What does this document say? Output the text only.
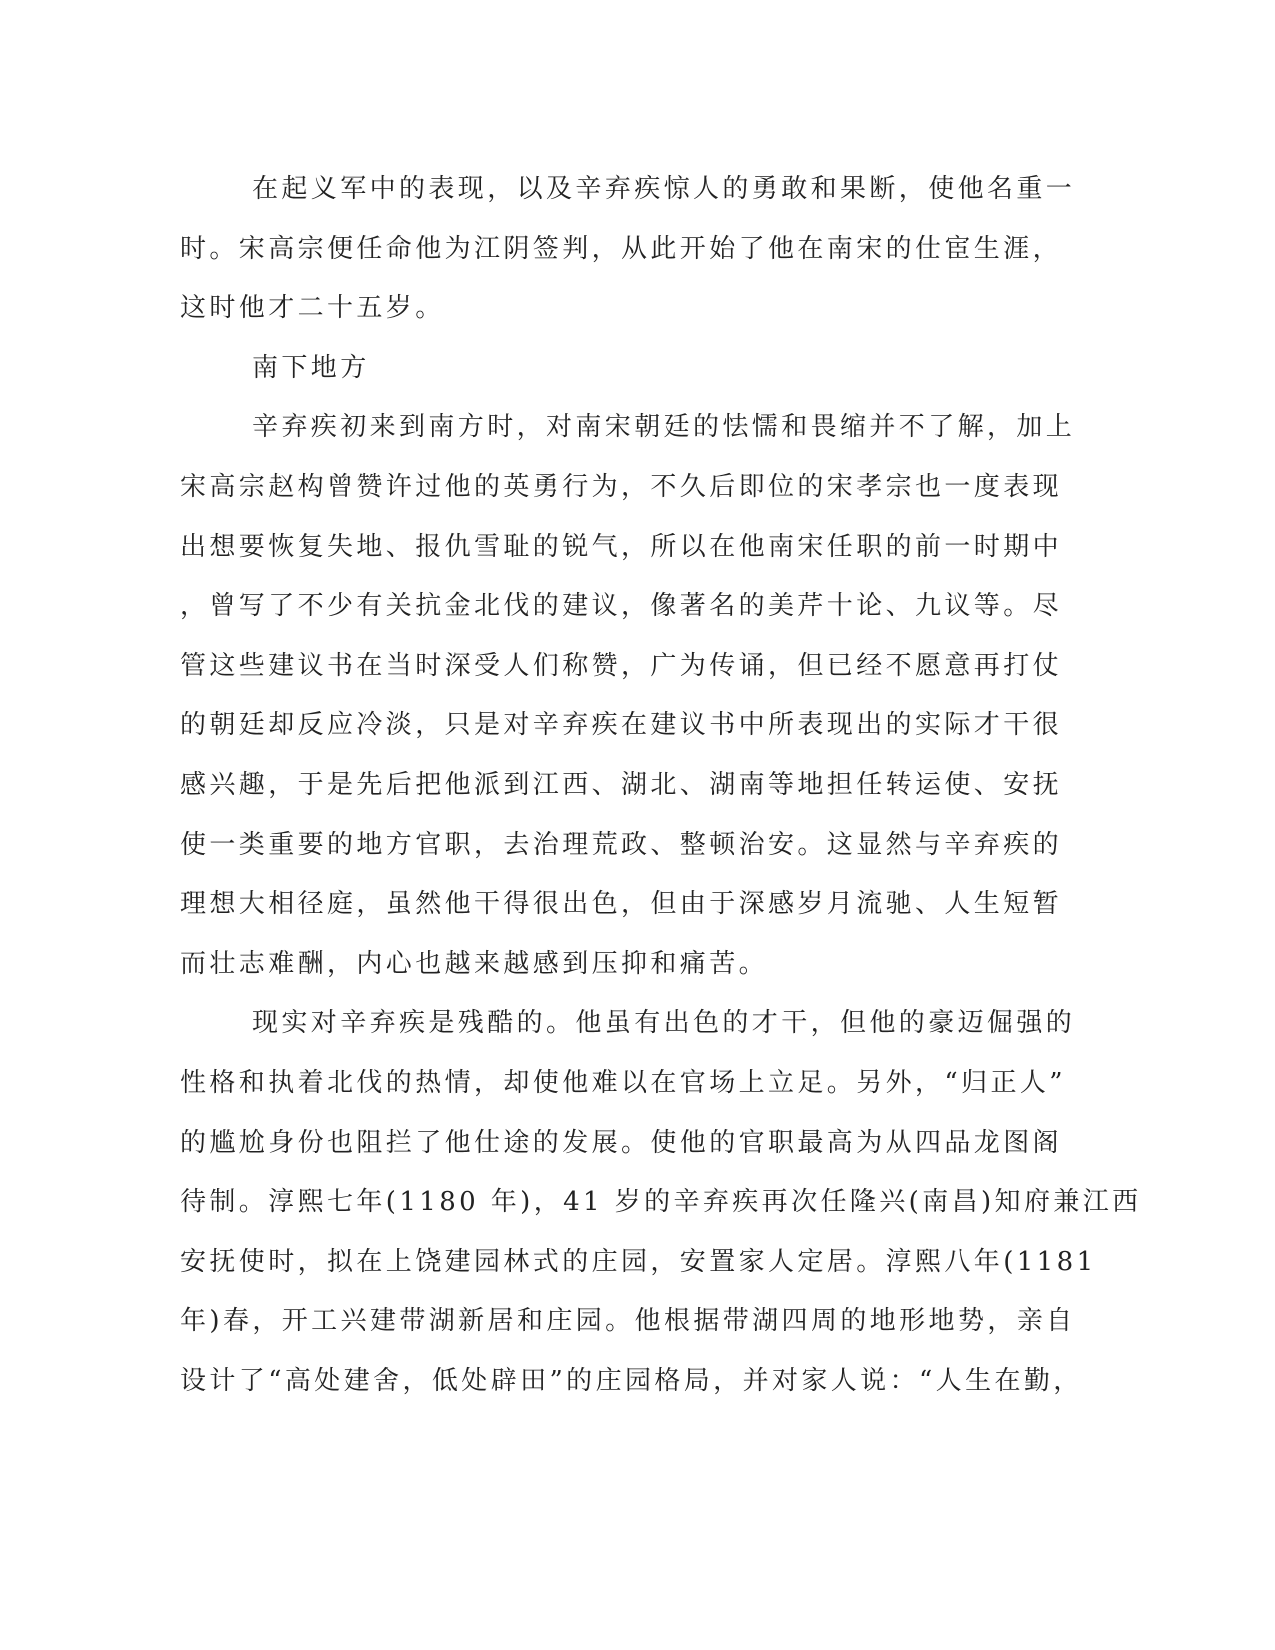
在起义军中的表现，以及辛弃疾惊人的勇敢和果断，使他名重一
时。宋高宗便任命他为江阴签判，从此开始了他在南宋的仕宦生涯，
这时他才二十五岁。
南下地方
辛弃疾初来到南方时，对南宋朝廷的怯懦和畏缩并不了解，加上
宋高宗赵构曾赞许过他的英勇行为，不久后即位的宋孝宗也一度表现
出想要恢复失地、报仇雪耻的锐气，所以在他南宋任职的前一时期中
，曾写了不少有关抗金北伐的建议，像著名的美芹十论、九议等。尽
管这些建议书在当时深受人们称赞，广为传诵，但已经不愿意再打仗
的朝廷却反应冷淡，只是对辛弃疾在建议书中所表现出的实际才干很
感兴趣，于是先后把他派到江西、湖北、湖南等地担任转运使、安抚
使一类重要的地方官职，去治理荒政、整顿治安。这显然与辛弃疾的
理想大相径庭，虽然他干得很出色，但由于深感岁月流驰、人生短暂
而壮志难酬，内心也越来越感到压抑和痛苦。
现实对辛弃疾是残酷的。他虽有出色的才干，但他的豪迈倔强的
性格和执着北伐的热情，却使他难以在官场上立足。另外，“归正人”
的尴尬身份也阻拦了他仕途的发展。使他的官职最高为从四品龙图阁
待制。淳熙七年(1180 年)，41 岁的辛弃疾再次任隆兴(南昌)知府兼江西
安抚使时，拟在上饶建园林式的庄园，安置家人定居。淳熙八年(1181
年)春，开工兴建带湖新居和庄园。他根据带湖四周的地形地势，亲自
设计了“高处建舍，低处辟田”的庄园格局，并对家人说：“人生在勤，
